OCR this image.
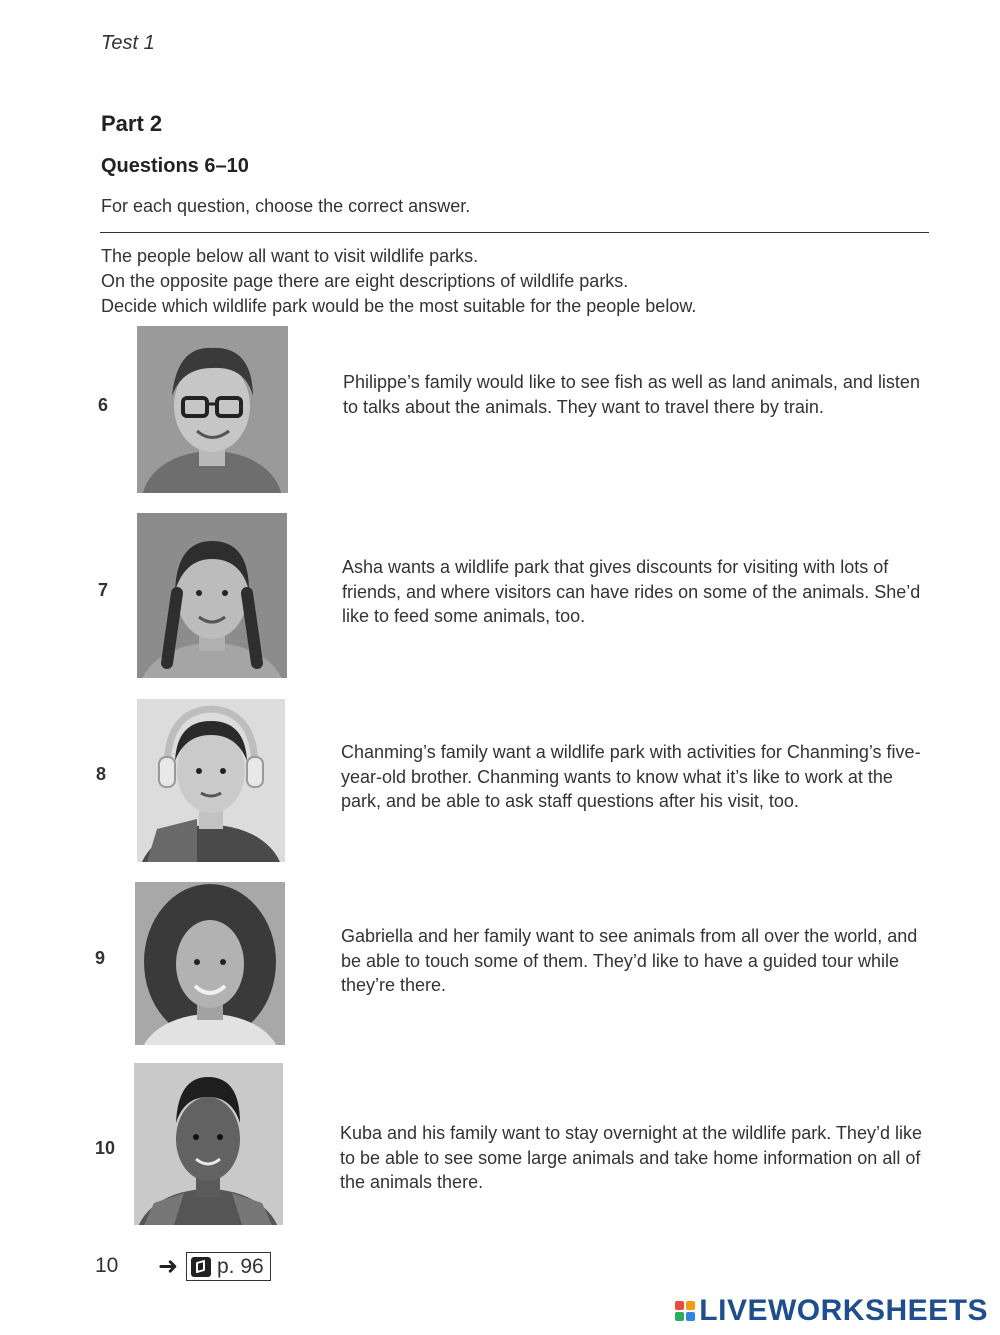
Test 1
Part 2
Questions 6–10
For each question, choose the correct answer.
The people below all want to visit wildlife parks.
On the opposite page there are eight descriptions of wildlife parks.
Decide which wildlife park would be the most suitable for the people below.
6
Philippe’s family would like to see fish as well as land animals, and listen to talks about the animals. They want to travel there by train.
7
Asha wants a wildlife park that gives discounts for visiting with lots of friends, and where visitors can have rides on some of the animals. She’d like to feed some animals, too.
8
Chanming’s family want a wildlife park with activities for Chanming’s five-year-old brother. Chanming wants to know what it’s like to work at the park, and be able to ask staff questions after his visit, too.
9
Gabriella and her family want to see animals from all over the world, and be able to touch some of them. They’d like to have a guided tour while they’re there.
10
Kuba and his family want to stay overnight at the wildlife park. They’d like to be able to see some large animals and take home information on all of the animals there.
10 ➜ p. 96
LIVEWORKSHEETS
